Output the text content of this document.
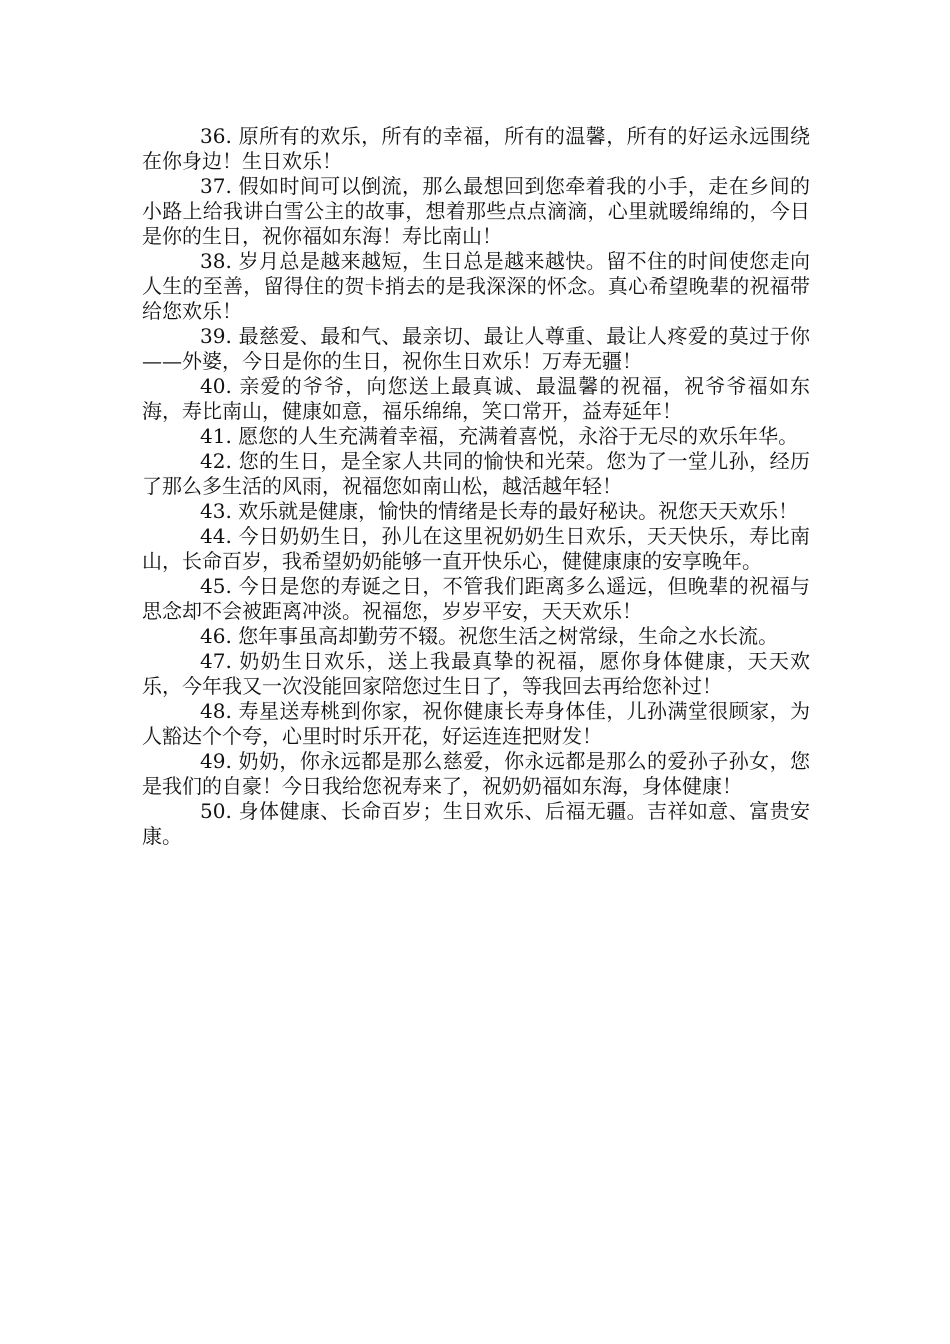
36. 原所有的欢乐，所有的幸福，所有的温馨，所有的好运永远围绕在你身边！生日欢乐！

37. 假如时间可以倒流，那么最想回到您牵着我的小手，走在乡间的小路上给我讲白雪公主的故事，想着那些点点滴滴，心里就暖绵绵的，今日是你的生日，祝你福如东海！寿比南山！

38. 岁月总是越来越短，生日总是越来越快。留不住的时间使您走向人生的至善，留得住的贺卡捎去的是我深深的怀念。真心希望晚辈的祝福带给您欢乐！

39. 最慈爱、最和气、最亲切、最让人尊重、最让人疼爱的莫过于你——外婆，今日是你的生日，祝你生日欢乐！万寿无疆！

40. 亲爱的爷爷，向您送上最真诚、最温馨的祝福，祝爷爷福如东海，寿比南山，健康如意，福乐绵绵，笑口常开，益寿延年！

41. 愿您的人生充满着幸福，充满着喜悦，永浴于无尽的欢乐年华。

42. 您的生日，是全家人共同的愉快和光荣。您为了一堂儿孙，经历了那么多生活的风雨，祝福您如南山松，越活越年轻！

43. 欢乐就是健康，愉快的情绪是长寿的最好秘诀。祝您天天欢乐！

44. 今日奶奶生日，孙儿在这里祝奶奶生日欢乐，天天快乐，寿比南山，长命百岁，我希望奶奶能够一直开快乐心，健健康康的安享晚年。

45. 今日是您的寿诞之日，不管我们距离多么遥远，但晚辈的祝福与思念却不会被距离冲淡。祝福您，岁岁平安，天天欢乐！

46. 您年事虽高却勤劳不辍。祝您生活之树常绿，生命之水长流。

47. 奶奶生日欢乐，送上我最真挚的祝福，愿你身体健康，天天欢乐，今年我又一次没能回家陪您过生日了，等我回去再给您补过！

48. 寿星送寿桃到你家，祝你健康长寿身体佳，儿孙满堂很顾家，为人豁达个个夸，心里时时乐开花，好运连连把财发！

49. 奶奶，你永远都是那么慈爱，你永远都是那么的爱孙子孙女，您是我们的自豪！今日我给您祝寿来了，祝奶奶福如东海，身体健康！

50. 身体健康、长命百岁；生日欢乐、后福无疆。吉祥如意、富贵安康。
